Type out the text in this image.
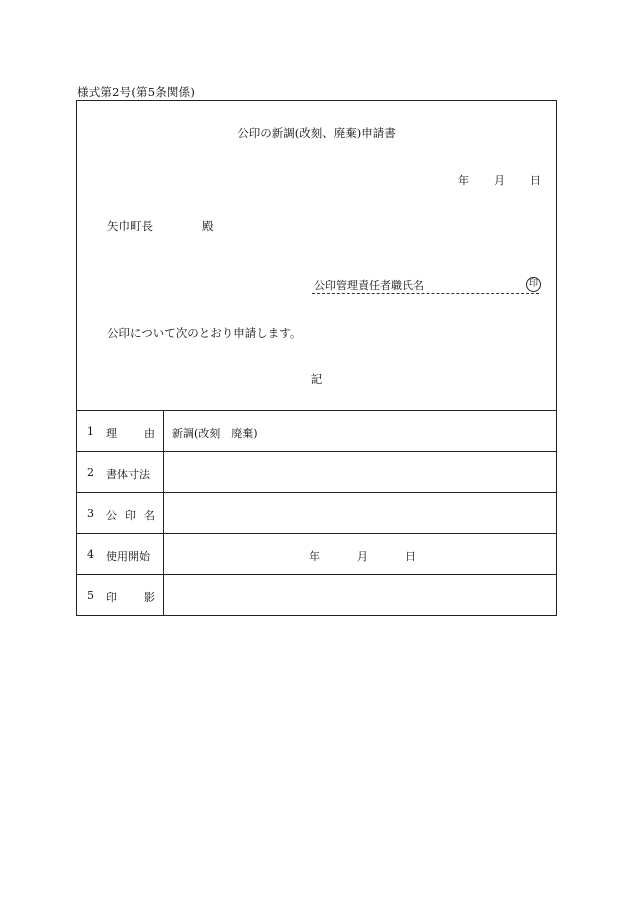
様式第2号(第5条関係)
公印の新調(改刻、廃棄)申請書
年 月 日
矢巾町長	殿
公印管理責任者職氏名	印
公印について次のとおり申請します。
記
1 理 由 新調(改刻　廃棄)
2 書体寸法
3 公 印 名
4 使用開始	年	月	日
5 印 影
